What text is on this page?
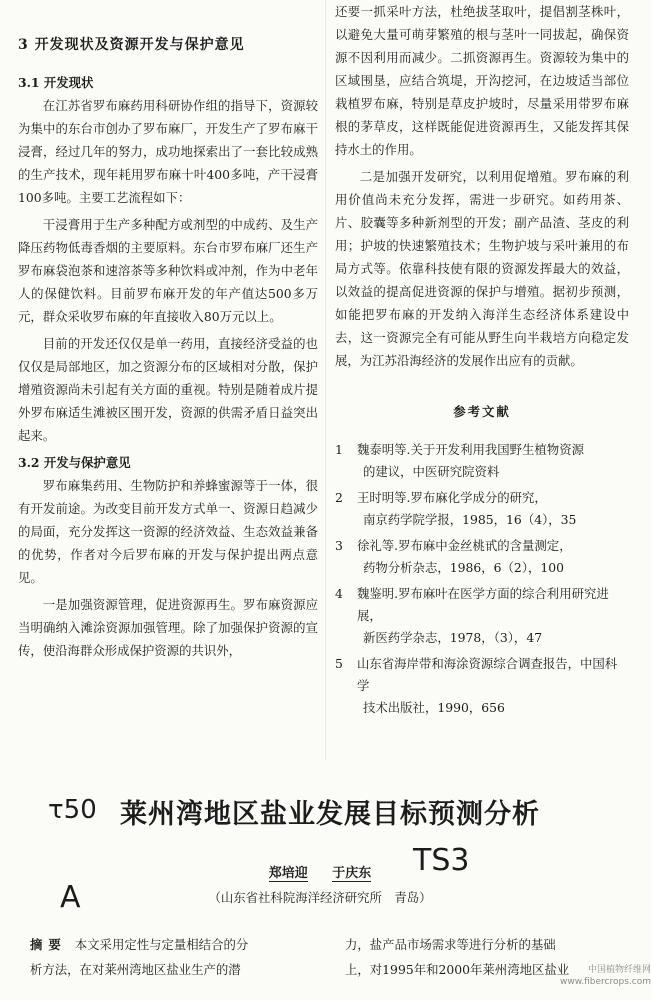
3 开发现状及资源开发与保护意见
3.1 开发现状

在江苏省罗布麻药用科研协作组的指导下，资源较为集中的东台市创办了罗布麻厂，开发生产了罗布麻干浸膏，经过几年的努力，成功地探索出了一套比较成熟的生产技术，现年耗用罗布麻十叶400多吨，产干浸膏100多吨。主要工艺流程如下：

干浸膏用于生产多种配方或剂型的中成药、及生产降压药物低毒香烟的主要原料。东台市罗布麻厂还生产罗布麻袋泡茶和速溶茶等多种饮料或冲剂，作为中老年人的保健饮料。目前罗布麻开发的年产值达500多万元，群众采收罗布麻的年直接收入80万元以上。

目前的开发还仅仅是单一药用，直接经济受益的也仅仅是局部地区，加之资源分布的区域相对分散，保护增殖资源尚未引起有关方面的重视。特别是随着成片提外罗布麻适生滩被区围开发，资源的供需矛盾日益突出起来。

3.2 开发与保护意见

罗布麻集药用、生物防护和养蜂蜜源等于一体，很有开发前途。为改变目前开发方式单一、资源日趋减少的局面，充分发挥这一资源的经济效益、生态效益兼备的优势，作者对今后罗布麻的开发与保护提出两点意见。

一是加强资源管理，促进资源再生。罗布麻资源应当明确纳入滩涂资源加强管理。除了加强保护资源的宣传，使沿海群众形成保护资源的共识外，

还要一抓采叶方法，杜绝拔茎取叶，提倡割茎株叶，以避免大量可萌芽繁殖的根与茎叶一同拔起，确保资源不因利用而减少。二抓资源再生。资源较为集中的区域围垦，应结合筑堤，开沟挖河，在边坡适当部位栽植罗布麻，特别是草皮护坡时，尽量采用带罗布麻根的茅草皮，这样既能促进资源再生，又能发挥其保持水土的作用。

二是加强开发研究，以利用促增殖。罗布麻的利用价值尚未充分发挥，需进一步研究。如药用茶、片、胶囊等多种新剂型的开发；副产品渣、茎皮的利用；护坡的快速繁殖技术；生物护坡与采叶兼用的布局方式等。依靠科技使有限的资源发挥最大的效益，以效益的提高促进资源的保护与增殖。据初步预测，如能把罗布麻的开发纳入海洋生态经济体系建设中去，这一资源完全有可能从野生向半栽培方向稳定发展，为江苏沿海经济的发展作出应有的贡献。

参考文献
1	魏泰明等.关于开发利用我国野生植物资源
的建议，中医研究院资料
2	王时明等.罗布麻化学成分的研究，
南京药学院学报，1985，16（4），35
3	徐礼等.罗布麻中金丝桃甙的含量测定，
药物分析杂志，1986，6（2），100
4	魏鉴明.罗布麻叶在医学方面的综合利用研究进展，
新医药学杂志，1978，（3），47
5	山东省海岸带和海涂资源综合调查报告，中国科学
技术出版社，1990，656
τ50
TS3
A
莱州湾地区盐业发展目标预测分析
郑培迎 于庆东
（山东省社科院海洋经济研究所　青岛）
摘要 本文采用定性与定量相结合的分
析方法，在对莱州湾地区盐业生产的潜
力，盐产品市场需求等进行分析的基础
上，对1995年和2000年莱州湾地区盐业	中国植物纤维网
www.fibercrops.com
